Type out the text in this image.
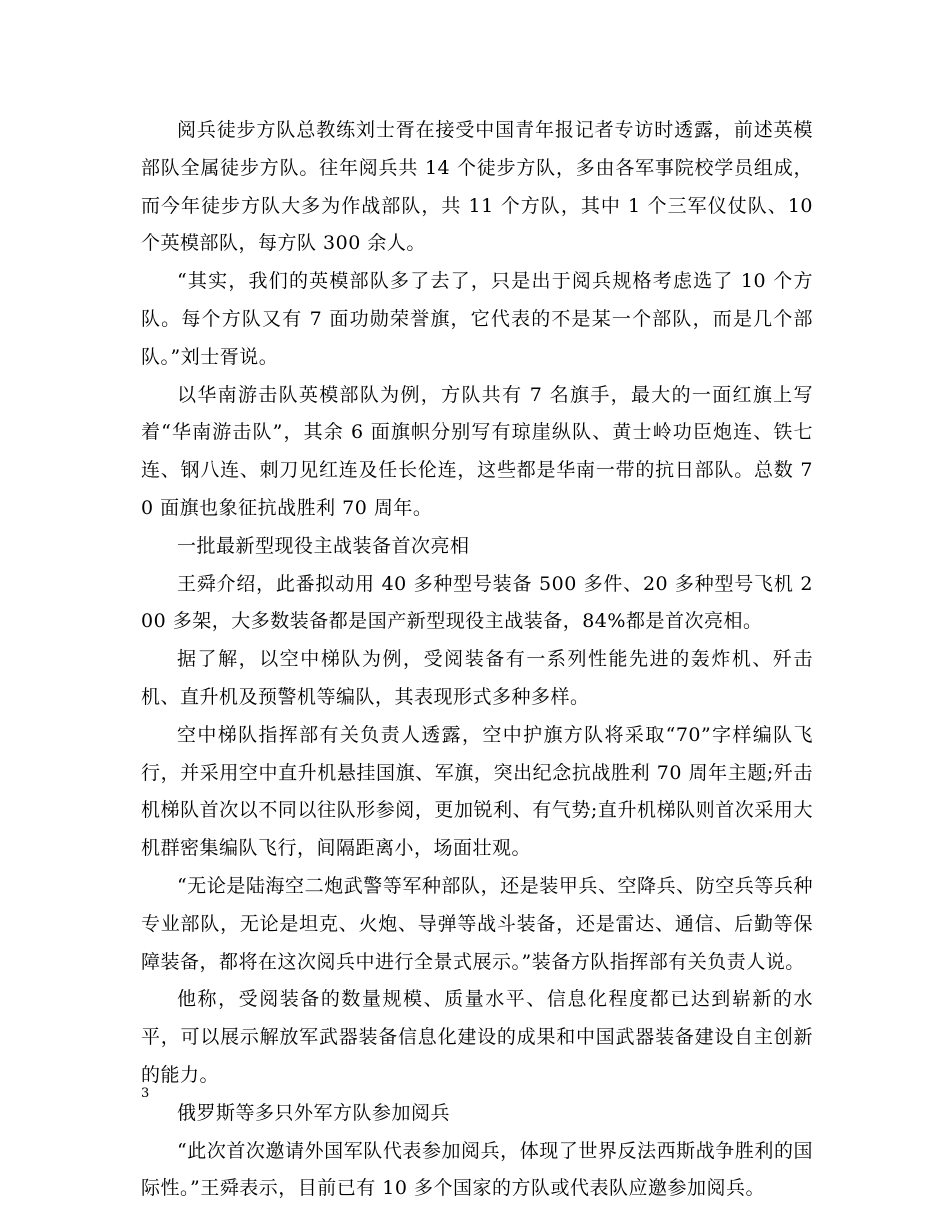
阅兵徒步方队总教练刘士胥在接受中国青年报记者专访时透露，前述英模部队全属徒步方队。往年阅兵共 14 个徒步方队，多由各军事院校学员组成，而今年徒步方队大多为作战部队，共 11 个方队，其中 1 个三军仪仗队、10 个英模部队，每方队 300 余人。

“其实，我们的英模部队多了去了，只是出于阅兵规格考虑选了 10 个方队。每个方队又有 7 面功勋荣誉旗，它代表的不是某一个部队，而是几个部队。”刘士胥说。

以华南游击队英模部队为例，方队共有 7 名旗手，最大的一面红旗上写着“华南游击队”，其余 6 面旗帜分别写有琼崖纵队、黄士岭功臣炮连、铁七连、钢八连、刺刀见红连及任长伦连，这些都是华南一带的抗日部队。总数 70 面旗也象征抗战胜利 70 周年。

一批最新型现役主战装备首次亮相

王舜介绍，此番拟动用 40 多种型号装备 500 多件、20 多种型号飞机 200 多架，大多数装备都是国产新型现役主战装备，84%都是首次亮相。

据了解，以空中梯队为例，受阅装备有一系列性能先进的轰炸机、歼击机、直升机及预警机等编队，其表现形式多种多样。

空中梯队指挥部有关负责人透露，空中护旗方队将采取“70”字样编队飞行，并采用空中直升机悬挂国旗、军旗，突出纪念抗战胜利 70 周年主题;歼击机梯队首次以不同以往队形参阅，更加锐利、有气势;直升机梯队则首次采用大机群密集编队飞行，间隔距离小，场面壮观。

“无论是陆海空二炮武警等军种部队，还是装甲兵、空降兵、防空兵等兵种专业部队，无论是坦克、火炮、导弹等战斗装备，还是雷达、通信、后勤等保障装备，都将在这次阅兵中进行全景式展示。”装备方队指挥部有关负责人说。

他称，受阅装备的数量规模、质量水平、信息化程度都已达到崭新的水平，可以展示解放军武器装备信息化建设的成果和中国武器装备建设自主创新的能力。

俄罗斯等多只外军方队参加阅兵

“此次首次邀请外国军队代表参加阅兵，体现了世界反法西斯战争胜利的国际性。”王舜表示，目前已有 10 多个国家的方队或代表队应邀参加阅兵。

3
